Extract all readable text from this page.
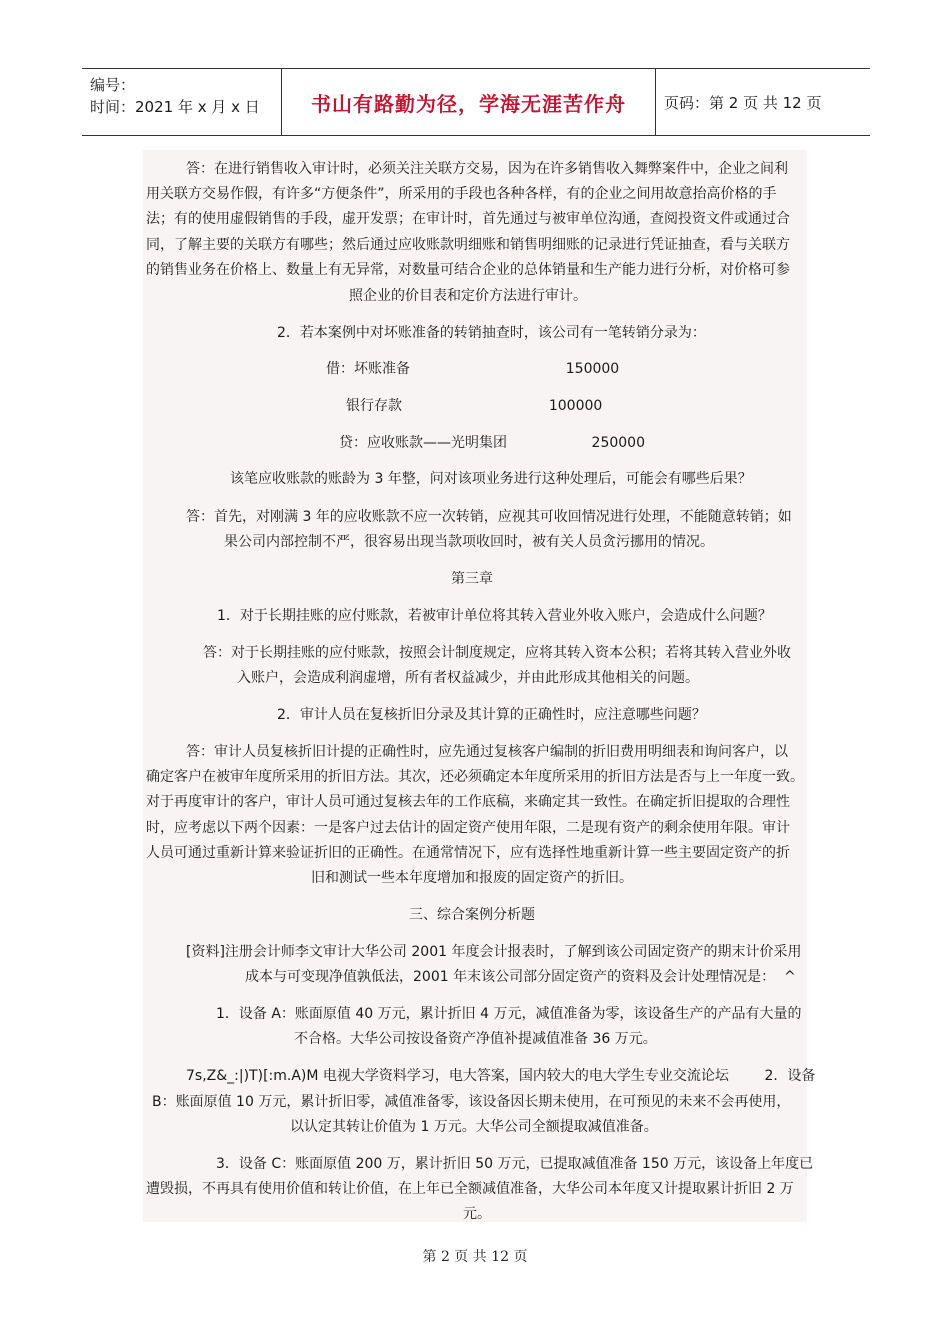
编号：
时间：2021 年 x 月 x 日	书山有路勤为径，学海无涯苦作舟	页码：第 2 页 共 12 页
答：在进行销售收入审计时，必须关注关联方交易，因为在许多销售收入舞弊案件中，企业之间利
用关联方交易作假，有许多“方便条件”，所采用的手段也各种各样，有的企业之间用故意抬高价格的手
法；有的使用虚假销售的手段，虚开发票；在审计时，首先通过与被审单位沟通，查阅投资文件或通过合
同，了解主要的关联方有哪些；然后通过应收账款明细账和销售明细账的记录进行凭证抽查，看与关联方
的销售业务在价格上、数量上有无异常，对数量可结合企业的总体销量和生产能力进行分析，对价格可参
照企业的价目表和定价方法进行审计。
2．若本案例中对坏账准备的转销抽查时，该公司有一笔转销分录为：
借：坏账准备                                   150000
银行存款                                 100000
贷：应收账款——光明集团                   250000
该笔应收账款的账龄为 3 年整，问对该项业务进行这种处理后，可能会有哪些后果？
答：首先，对刚满 3 年的应收账款不应一次转销，应视其可收回情况进行处理，不能随意转销；如
果公司内部控制不严，很容易出现当款项收回时，被有关人员贪污挪用的情况。
第三章
1．对于长期挂账的应付账款，若被审计单位将其转入营业外收入账户，会造成什么问题？
答：对于长期挂账的应付账款，按照会计制度规定，应将其转入资本公积；若将其转入营业外收
入账户，会造成利润虚增，所有者权益减少，并由此形成其他相关的问题。
2．审计人员在复核折旧分录及其计算的正确性时，应注意哪些问题？
答：审计人员复核折旧计提的正确性时，应先通过复核客户编制的折旧费用明细表和询问客户，以
确定客户在被审年度所采用的折旧方法。其次，还必须确定本年度所采用的折旧方法是否与上一年度一致。
对于再度审计的客户，审计人员可通过复核去年的工作底稿，来确定其一致性。在确定折旧提取的合理性
时，应考虑以下两个因素：一是客户过去估计的固定资产使用年限，二是现有资产的剩余使用年限。审计
人员可通过重新计算来验证折旧的正确性。在通常情况下，应有选择性地重新计算一些主要固定资产的折
旧和测试一些本年度增加和报废的固定资产的折旧。
三、综合案例分析题
[资料]注册会计师李文审计大华公司 2001 年度会计报表时，了解到该公司固定资产的期末计价采用
成本与可变现净值孰低法，2001 年末该公司部分固定资产的资料及会计处理情况是：  ^
1．设备 A：账面原值 40 万元，累计折旧 4 万元，减值准备为零，该设备生产的产品有大量的
不合格。大华公司按设备资产净值补提减值准备 36 万元。
7s,Z&_:|)T)[:m.A)M 电视大学资料学习，电大答案，国内较大的电大学生专业交流论坛        2．设备
B：账面原值 10 万元，累计折旧零，减值准备零，该设备因长期未使用，在可预见的未来不会再使用，
以认定其转让价值为 1 万元。大华公司全额提取减值准备。
3．设备 C：账面原值 200 万，累计折旧 50 万元，已提取减值准备 150 万元，该设备上年度已
遭毁损，不再具有使用价值和转让价值，在上年已全额减值准备，大华公司本年度又计提取累计折旧 2 万
元。
第 2 页 共 12 页
